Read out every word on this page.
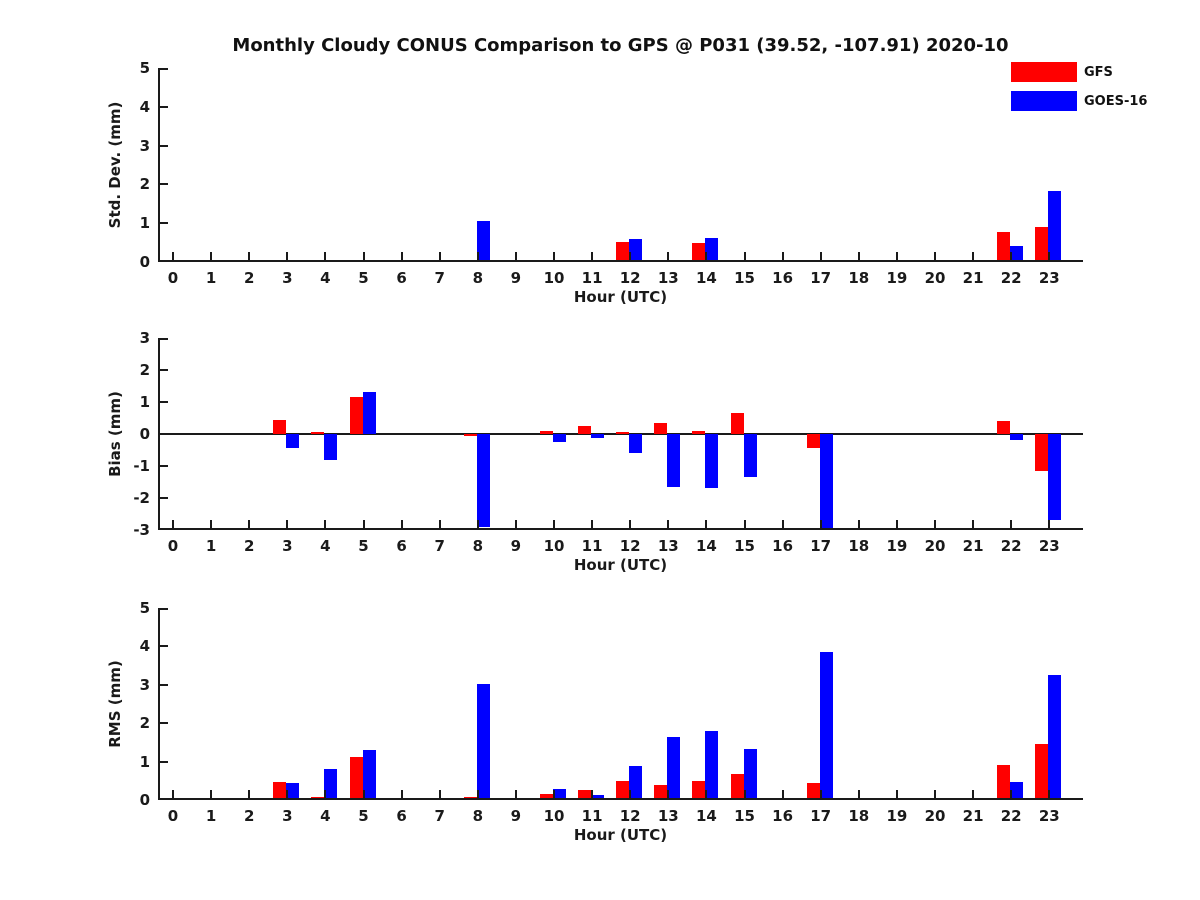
Monthly Cloudy CONUS Comparison to GPS @ P031 (39.52, -107.91) 2020-10
GFS
GOES-16
Std. Dev. (mm)
Hour (UTC)
0
1
2
3
4
5
0	1	2	3	4	5	6	7	8	9	10	11	12	13	14	15	16	17	18	19	20	21	22	23
Bias (mm)
Hour (UTC)
-3
-2
-1
0
1
2
3
0	1	2	3	4	5	6	7	8	9	10	11	12	13	14	15	16	17	18	19	20	21	22	23
RMS (mm)
Hour (UTC)
0
1
2
3
4
5
0	1	2	3	4	5	6	7	8	9	10	11	12	13	14	15	16	17	18	19	20	21	22	23
